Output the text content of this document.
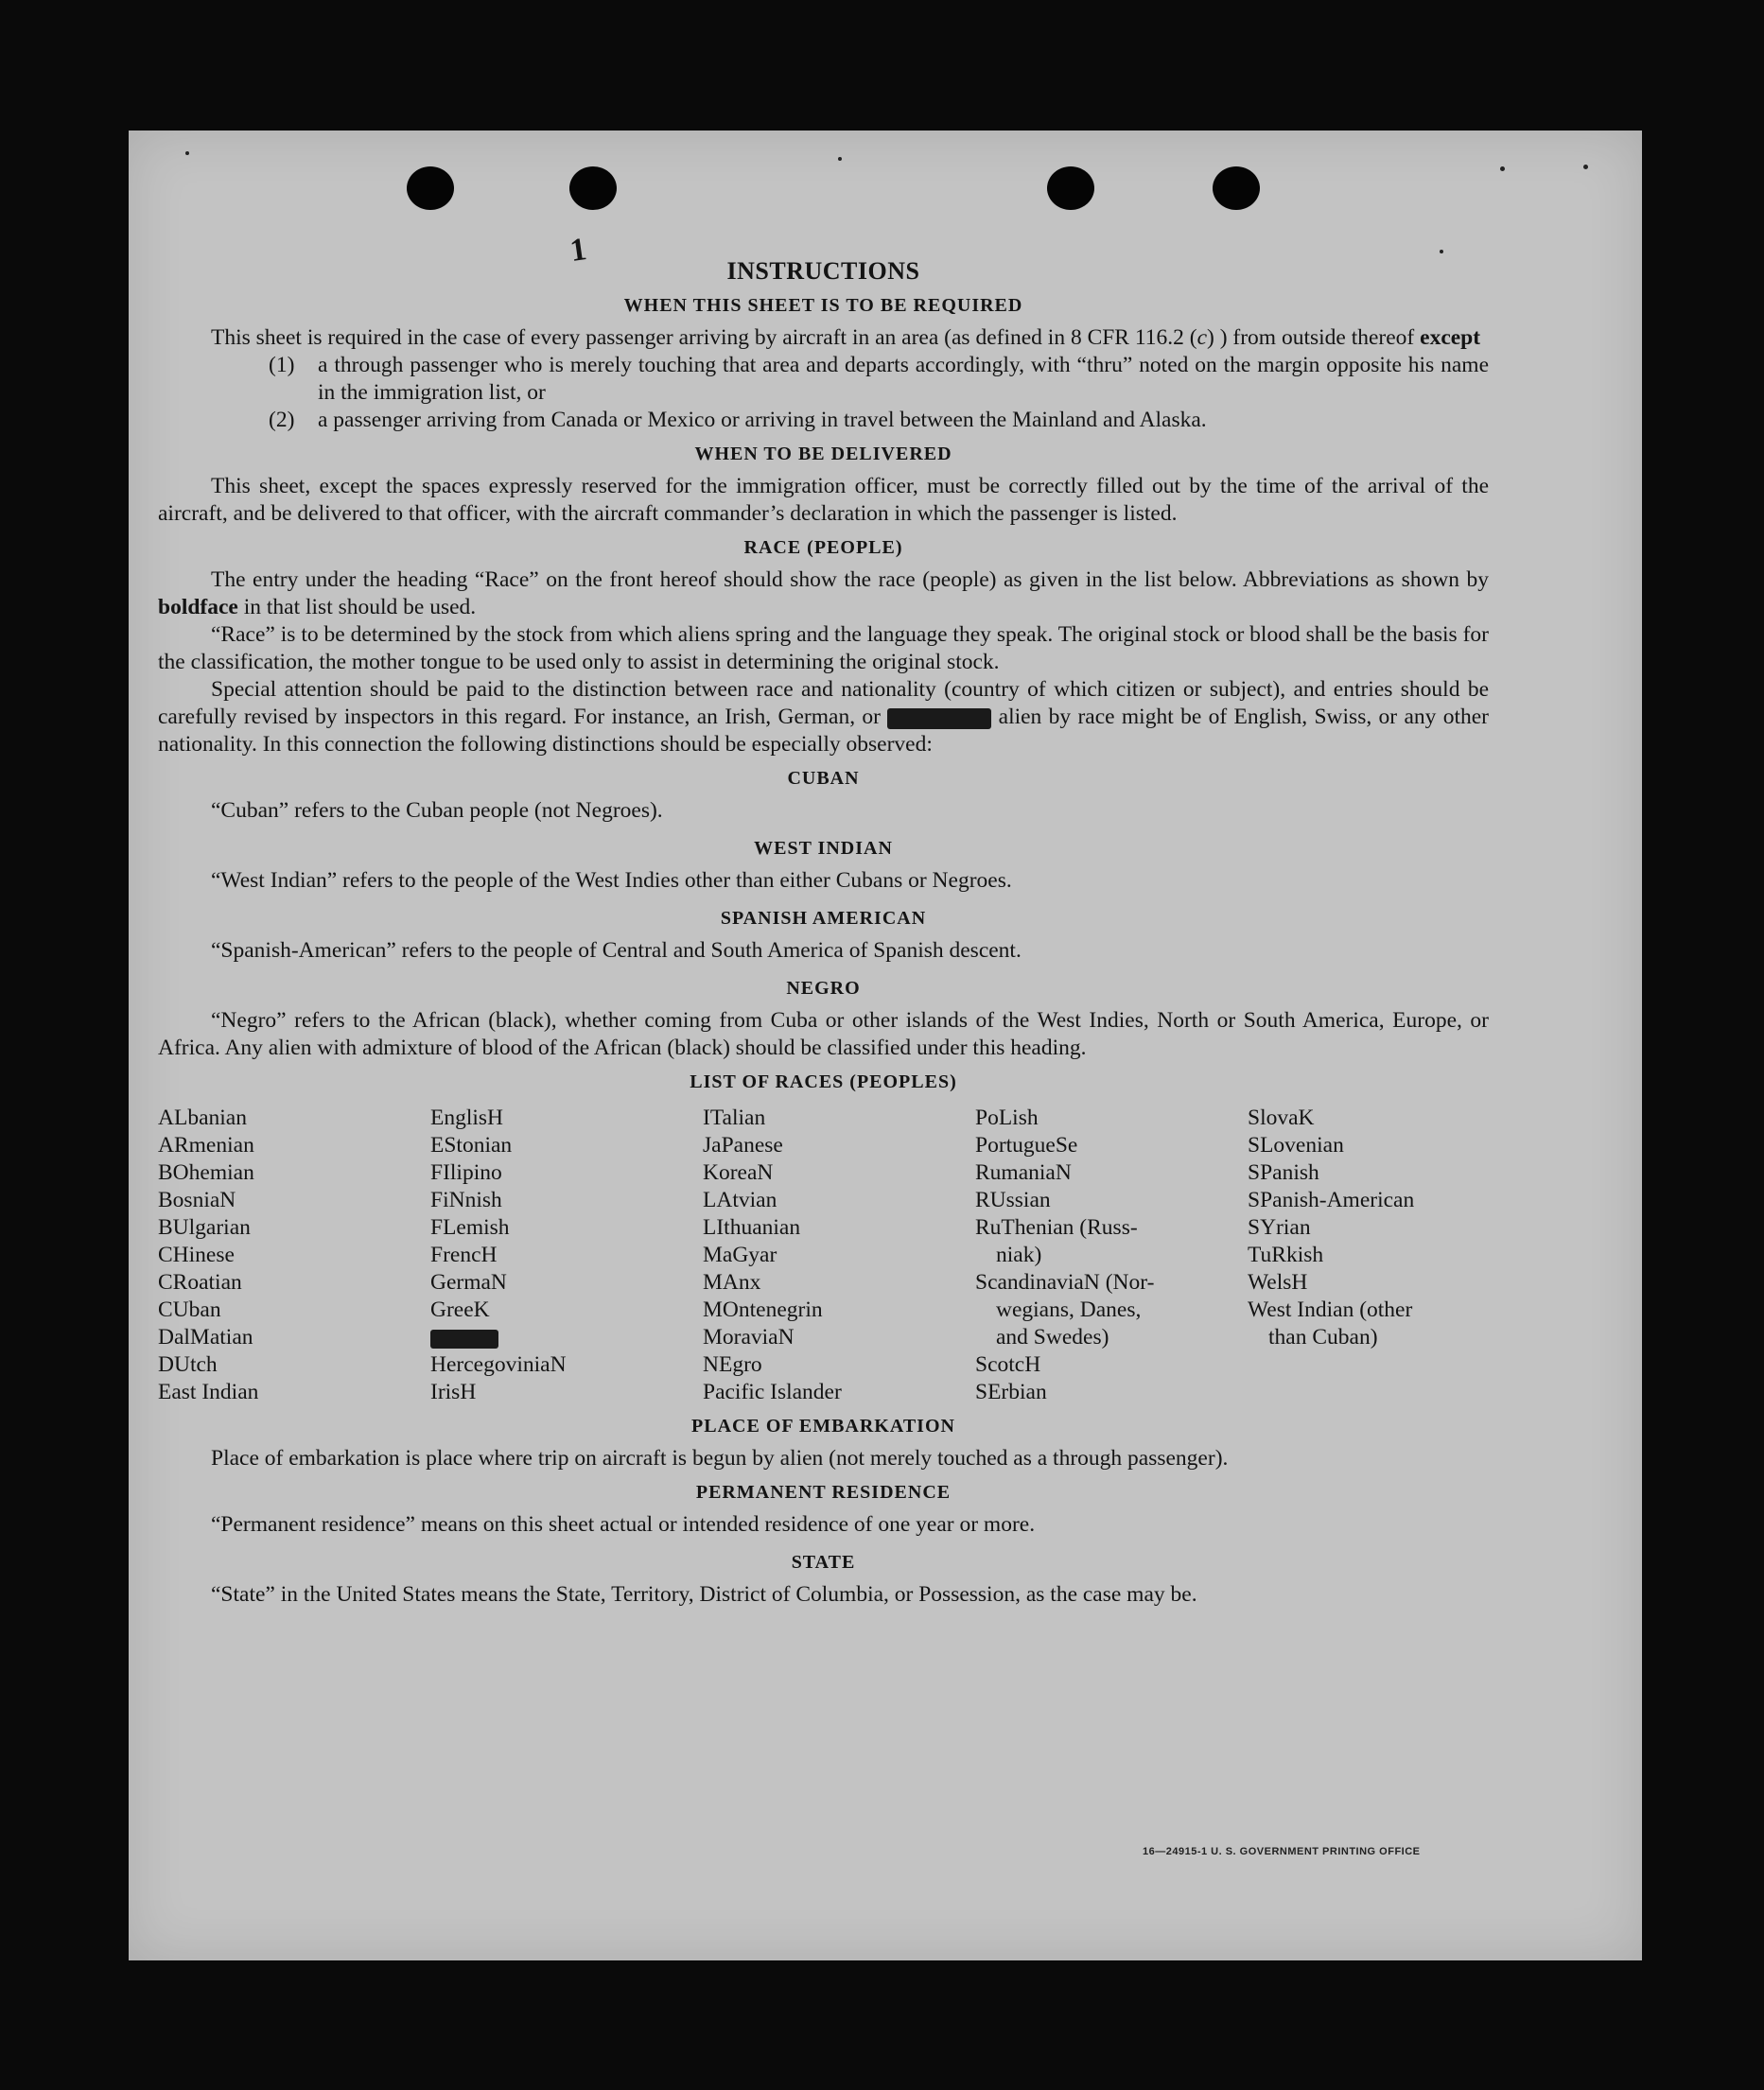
1
INSTRUCTIONS
WHEN THIS SHEET IS TO BE REQUIRED

This sheet is required in the case of every passenger arriving by aircraft in an area (as defined in 8 CFR 116.2 (c) ) from outside thereof except

(1)	a through passenger who is merely touching that area and departs accordingly, with “thru” noted on the margin opposite his name in the immigration list, or
(2)	a passenger arriving from Canada or Mexico or arriving in travel between the Mainland and Alaska.
WHEN TO BE DELIVERED

This sheet, except the spaces expressly reserved for the immigration officer, must be correctly filled out by the time of the arrival of the aircraft, and be delivered to that officer, with the aircraft commander’s declaration in which the passenger is listed.

RACE (PEOPLE)

The entry under the heading “Race” on the front hereof should show the race (people) as given in the list below. Abbreviations as shown by boldface in that list should be used.

“Race” is to be determined by the stock from which aliens spring and the language they speak. The original stock or blood shall be the basis for the classification, the mother tongue to be used only to assist in determining the original stock.

Special attention should be paid to the distinction between race and nationality (country of which citizen or subject), and entries should be carefully revised by inspectors in this regard. For instance, an Irish, German, or	alien by race might be of English, Swiss, or any other nationality. In this connection the following distinctions should be especially observed:

CUBAN

“Cuban” refers to the Cuban people (not Negroes).

WEST INDIAN

“West Indian” refers to the people of the West Indies other than either Cubans or Negroes.

SPANISH AMERICAN

“Spanish-American” refers to the people of Central and South America of Spanish descent.

NEGRO

“Negro” refers to the African (black), whether coming from Cuba or other islands of the West Indies, North or South America, Europe, or Africa. Any alien with admixture of blood of the African (black) should be classified under this heading.

LIST OF RACES (PEOPLES)
ALbanian
ARmenian
BOhemian
BosniaN
BUlgarian
CHinese
CRoatian
CUban
DalMatian
DUtch
East Indian
EnglisH
EStonian
FIlipino
FiNnish
FLemish
FrencH
GermaN
GreeK
HercegoviniaN
IrisH
ITalian
JaPanese
KoreaN
LAtvian
LIthuanian
MaGyar
MAnx
MOntenegrin
MoraviaN
NEgro
Pacific Islander
PoLish
PortugueSe
RumaniaN
RUssian
RuThenian (Russ-
niak)
ScandinaviaN (Nor-
wegians, Danes,
and Swedes)
ScotcH
SErbian
SlovaK
SLovenian
SPanish
SPanish-American
SYrian
TuRkish
WelsH
West Indian (other
than Cuban)
PLACE OF EMBARKATION

Place of embarkation is place where trip on aircraft is begun by alien (not merely touched as a through passenger).

PERMANENT RESIDENCE

“Permanent residence” means on this sheet actual or intended residence of one year or more.

STATE

“State” in the United States means the State, Territory, District of Columbia, or Possession, as the case may be.

16—24915-1 U. S. GOVERNMENT PRINTING OFFICE
